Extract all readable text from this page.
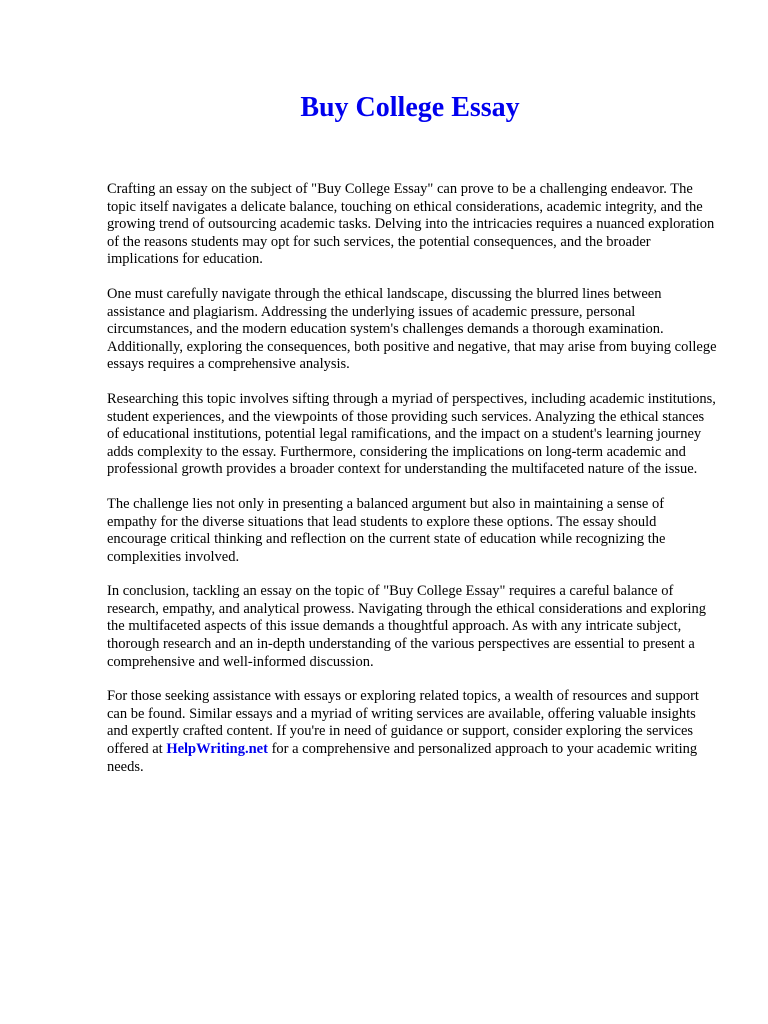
Buy College Essay

Crafting an essay on the subject of "Buy College Essay" can prove to be a challenging endeavor. The topic itself navigates a delicate balance, touching on ethical considerations, academic integrity, and the growing trend of outsourcing academic tasks. Delving into the intricacies requires a nuanced exploration of the reasons students may opt for such services, the potential consequences, and the broader implications for education.

One must carefully navigate through the ethical landscape, discussing the blurred lines between assistance and plagiarism. Addressing the underlying issues of academic pressure, personal circumstances, and the modern education system's challenges demands a thorough examination. Additionally, exploring the consequences, both positive and negative, that may arise from buying college essays requires a comprehensive analysis.

Researching this topic involves sifting through a myriad of perspectives, including academic institutions, student experiences, and the viewpoints of those providing such services. Analyzing the ethical stances of educational institutions, potential legal ramifications, and the impact on a student's learning journey adds complexity to the essay. Furthermore, considering the implications on long-term academic and professional growth provides a broader context for understanding the multifaceted nature of the issue.

The challenge lies not only in presenting a balanced argument but also in maintaining a sense of empathy for the diverse situations that lead students to explore these options. The essay should encourage critical thinking and reflection on the current state of education while recognizing the complexities involved.

In conclusion, tackling an essay on the topic of "Buy College Essay" requires a careful balance of research, empathy, and analytical prowess. Navigating through the ethical considerations and exploring the multifaceted aspects of this issue demands a thoughtful approach. As with any intricate subject, thorough research and an in-depth understanding of the various perspectives are essential to present a comprehensive and well-informed discussion.

For those seeking assistance with essays or exploring related topics, a wealth of resources and support can be found. Similar essays and a myriad of writing services are available, offering valuable insights and expertly crafted content. If you're in need of guidance or support, consider exploring the services offered at HelpWriting.net for a comprehensive and personalized approach to your academic writing needs.
